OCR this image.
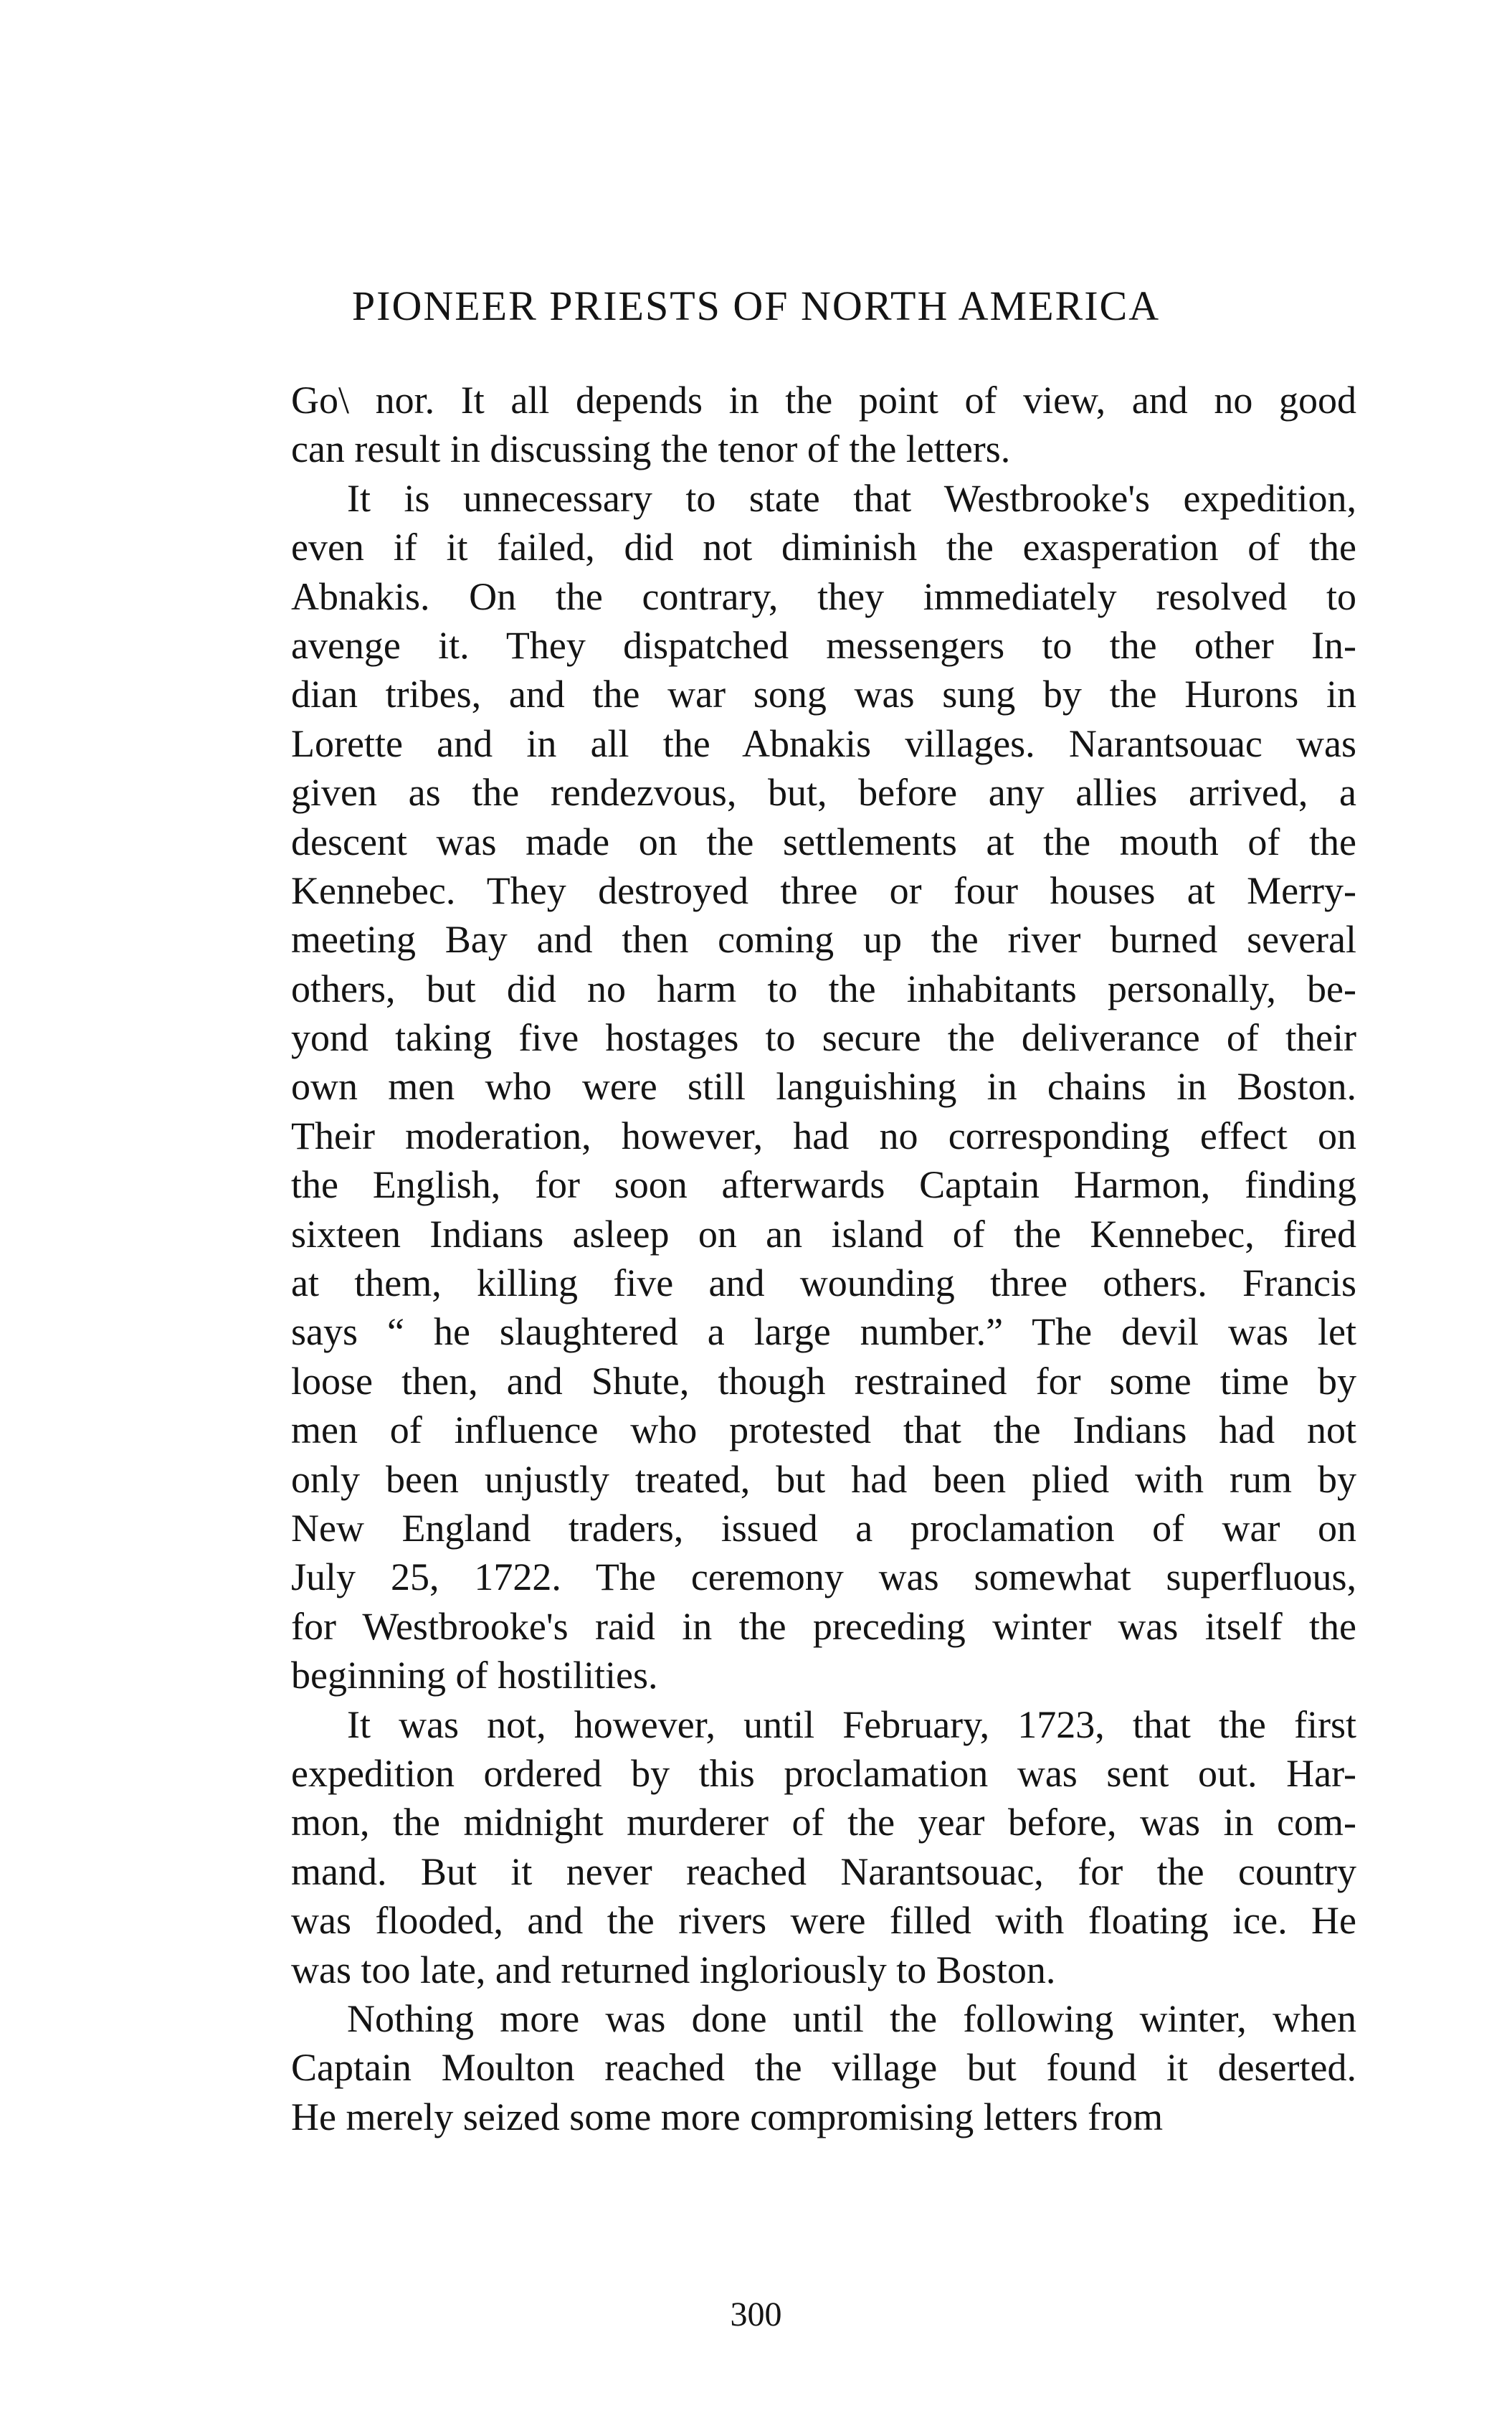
PIONEER PRIESTS OF NORTH AMERICA
Go\ nor. It all depends in the point of view, and no good
can result in discussing the tenor of the letters.
It is unnecessary to state that Westbrooke's expedition,
even if it failed, did not diminish the exasperation of the
Abnakis. On the contrary, they immediately resolved to
avenge it. They dispatched messengers to the other In-
dian tribes, and the war song was sung by the Hurons in
Lorette and in all the Abnakis villages. Narantsouac was
given as the rendezvous, but, before any allies arrived, a
descent was made on the settlements at the mouth of the
Kennebec. They destroyed three or four houses at Merry-
meeting Bay and then coming up the river burned several
others, but did no harm to the inhabitants personally, be-
yond taking five hostages to secure the deliverance of their
own men who were still languishing in chains in Boston.
Their moderation, however, had no corresponding effect on
the English, for soon afterwards Captain Harmon, finding
sixteen Indians asleep on an island of the Kennebec, fired
at them, killing five and wounding three others. Francis
says “ he slaughtered a large number.” The devil was let
loose then, and Shute, though restrained for some time by
men of influence who protested that the Indians had not
only been unjustly treated, but had been plied with rum by
New England traders, issued a proclamation of war on
July 25, 1722. The ceremony was somewhat superfluous,
for Westbrooke's raid in the preceding winter was itself the
beginning of hostilities.
It was not, however, until February, 1723, that the first
expedition ordered by this proclamation was sent out. Har-
mon, the midnight murderer of the year before, was in com-
mand. But it never reached Narantsouac, for the country
was flooded, and the rivers were filled with floating ice. He
was too late, and returned ingloriously to Boston.
Nothing more was done until the following winter, when
Captain Moulton reached the village but found it deserted.
He merely seized some more compromising letters from
300
